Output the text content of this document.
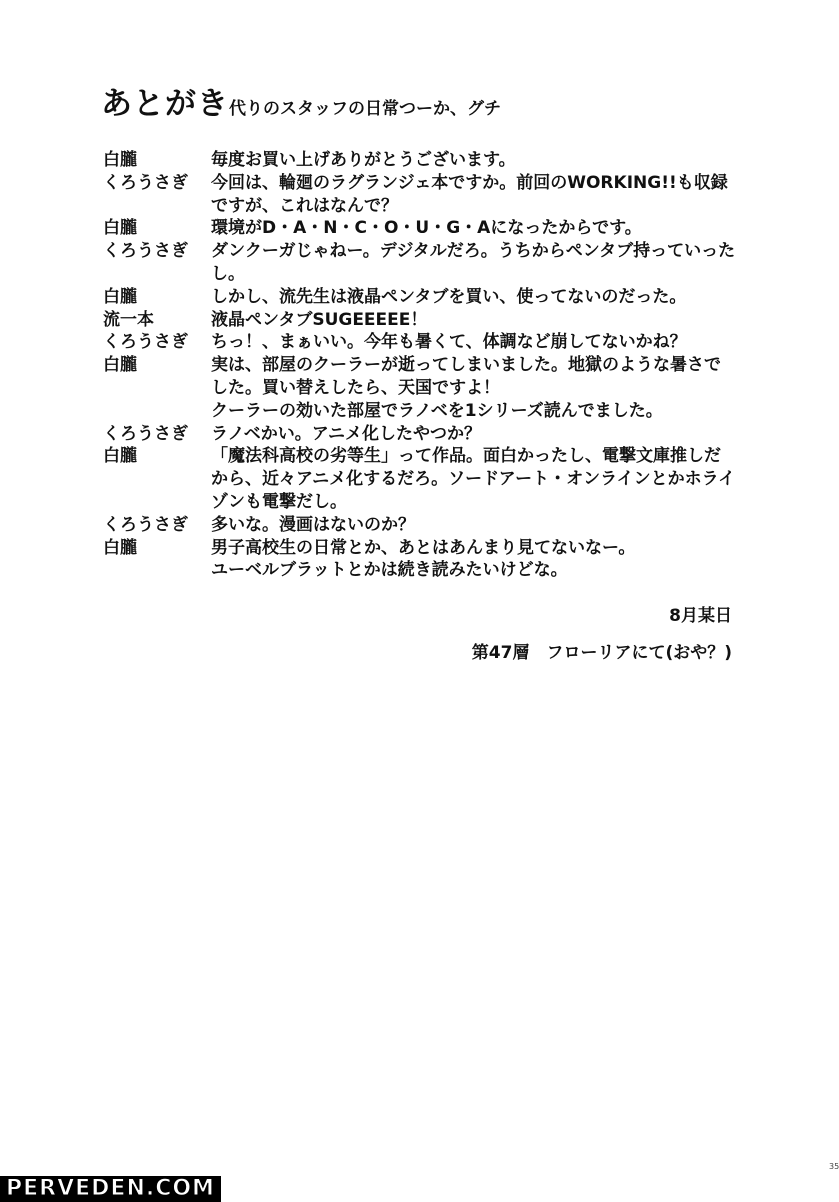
あとがき代りのスタッフの日常つーか、グチ
白朧	毎度お買い上げありがとうございます。
くろうさぎ	今回は、輪廻のラグランジェ本ですか。前回のWORKING!!も収録
ですが、これはなんで？
白朧	環境がD・A・N・C・O・U・G・Aになったからです。
くろうさぎ	ダンクーガじゃねー。デジタルだろ。うちからペンタブ持っていった
し。
白朧	しかし、流先生は液晶ペンタブを買い、使ってないのだった。
流一本	液晶ペンタブSUGEEEEE！
くろうさぎ	ちっ！、まぁいい。今年も暑くて、体調など崩してないかね？
白朧	実は、部屋のクーラーが逝ってしまいました。地獄のような暑さで
した。買い替えしたら、天国ですよ！
クーラーの効いた部屋でラノベを1シリーズ読んでました。
くろうさぎ	ラノベかい。アニメ化したやつか？
白朧	「魔法科高校の劣等生」って作品。面白かったし、電撃文庫推しだ
から、近々アニメ化するだろ。ソードアート・オンラインとかホライ
ゾンも電撃だし。
くろうさぎ	多いな。漫画はないのか？
白朧	男子高校生の日常とか、あとはあんまり見てないなー。
ユーベルブラットとかは続き読みたいけどな。
8月某日
第47層　フローリアにて(おや？)
PERVEDEN.COM
35
